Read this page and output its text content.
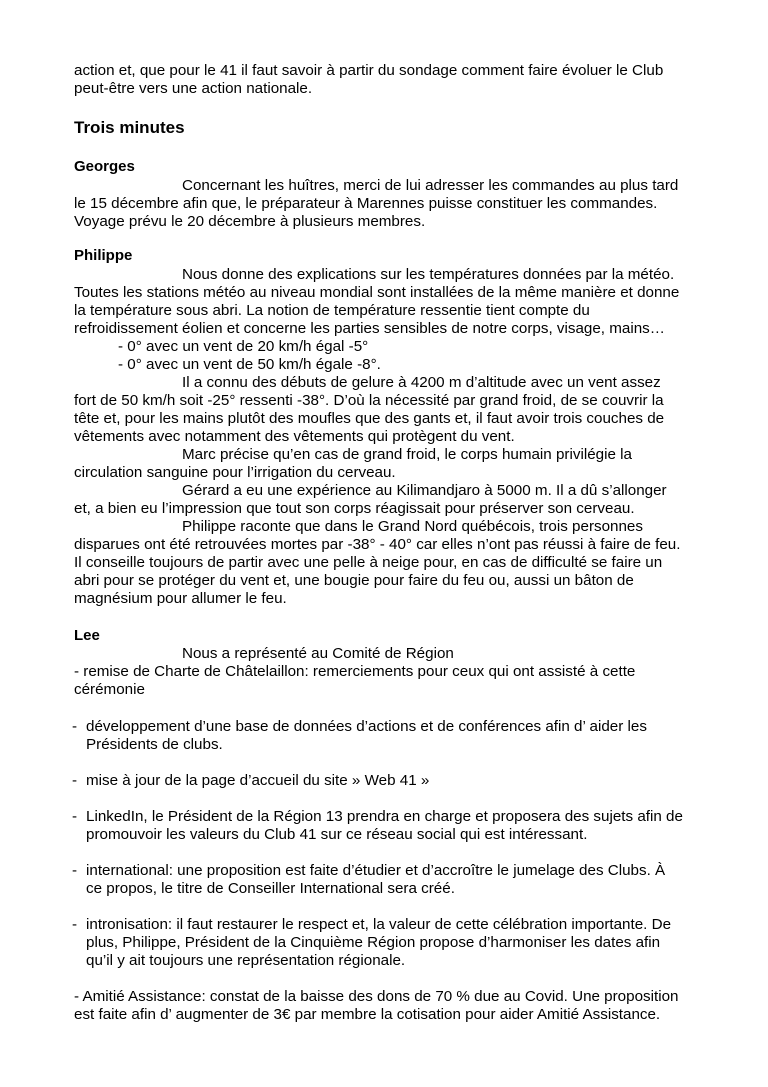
action et, que pour le 41 il faut savoir à partir du sondage comment faire évoluer le Club
peut-être vers une action nationale.
Trois minutes
Georges
Concernant les huîtres, merci de lui adresser les commandes au plus tard
le 15 décembre afin que, le préparateur à Marennes puisse constituer les commandes.
Voyage prévu le 20 décembre à plusieurs membres.
Philippe
Nous donne des explications sur les températures données par la météo.
Toutes les stations météo au niveau mondial sont installées de la même manière et donne
la température sous abri. La notion de température ressentie tient compte du
refroidissement éolien et concerne les parties sensibles de notre corps, visage, mains…
- 0° avec un vent de 20 km/h égal -5°
- 0° avec un vent de 50 km/h égale -8°.
Il a connu des débuts de gelure à 4200 m d’altitude avec un vent assez
fort de 50 km/h soit -25° ressenti -38°. D’où la nécessité par grand froid, de se couvrir la
tête et, pour les mains plutôt des moufles que des gants et, il faut avoir trois couches de
vêtements avec notamment des vêtements qui protègent du vent.
Marc précise qu’en cas de grand froid, le corps humain privilégie la
circulation sanguine pour l’irrigation du cerveau.
Gérard a eu une expérience au Kilimandjaro à 5000 m. Il a dû s’allonger
et, a bien eu l’impression que tout son corps réagissait pour préserver son cerveau.
Philippe raconte que dans le Grand Nord québécois, trois personnes
disparues ont été retrouvées mortes par -38° - 40° car elles n’ont pas réussi à faire de feu.
Il conseille toujours de partir avec une pelle à neige pour, en cas de difficulté se faire un
abri pour se protéger du vent et, une bougie pour faire du feu ou, aussi un bâton de
magnésium pour allumer le feu.
Lee
Nous a représenté au Comité de Région
- remise de Charte de Châtelaillon: remerciements pour ceux qui ont assisté à cette
cérémonie
- développement d’une base de données d’actions et de conférences afin d’ aider les
Présidents de clubs.
- mise à jour de la page d’accueil du site » Web 41 »
- LinkedIn, le Président de la Région 13 prendra en charge et proposera des sujets afin de
promouvoir les valeurs du Club 41 sur ce réseau social qui est intéressant.
- international: une proposition est faite d’étudier et d’accroître le jumelage des Clubs. À
ce propos, le titre de Conseiller International sera créé.
- intronisation: il faut restaurer le respect et, la valeur de cette célébration importante. De
plus, Philippe, Président de la Cinquième Région propose d’harmoniser les dates afin
qu’il y ait toujours une représentation régionale.
- Amitié Assistance: constat de la baisse des dons de 70 % due au Covid. Une proposition
est faite afin d’ augmenter de 3€ par membre la cotisation pour aider Amitié Assistance.
